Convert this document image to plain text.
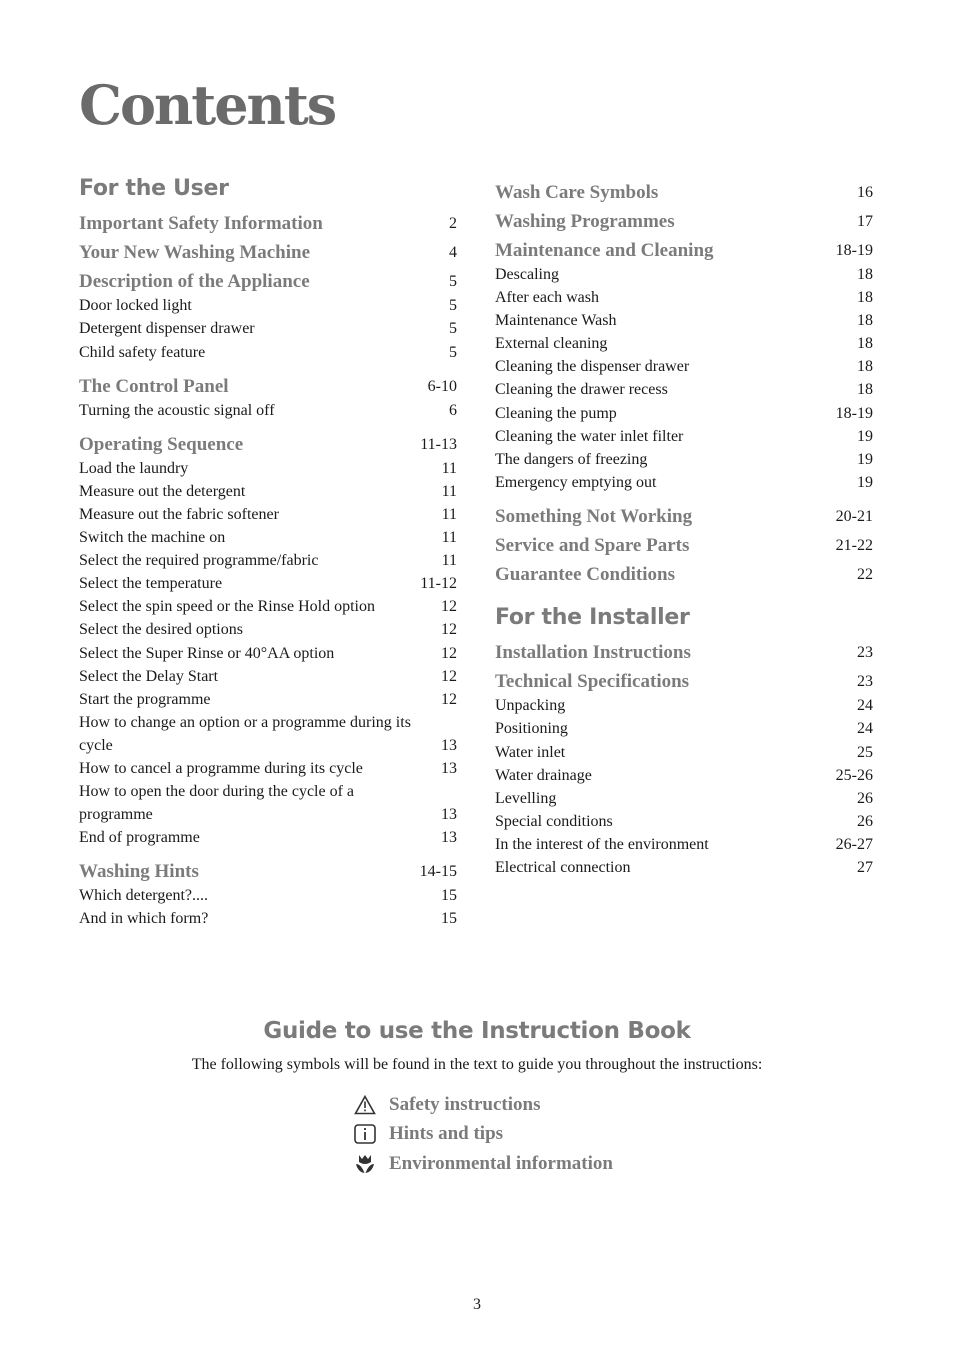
Contents
For the User
Important Safety Information	2
Your New Washing Machine	4
Description of the Appliance	5
Door locked light	5
Detergent dispenser drawer	5
Child safety feature	5
The Control Panel	6-10
Turning the acoustic signal off	6
Operating Sequence	11-13
Load the laundry	11
Measure out the detergent	11
Measure out the fabric softener	11
Switch the machine on	11
Select the required programme/fabric	11
Select the temperature	11-12
Select the spin speed or the Rinse Hold option	12
Select the desired options	12
Select the Super Rinse or 40°AA option	12
Select the Delay Start	12
Start the programme	12
How to change an option or a programme during its cycle	13
How to cancel a programme during its cycle	13
How to open the door during the cycle of a programme	13
End of programme	13
Washing Hints	14-15
Which detergent?....	15
And in which form?	15
Wash Care Symbols	16
Washing Programmes	17
Maintenance and Cleaning	18-19
Descaling	18
After each wash	18
Maintenance Wash	18
External cleaning	18
Cleaning the dispenser drawer	18
Cleaning the drawer recess	18
Cleaning the pump	18-19
Cleaning the water inlet filter	19
The dangers of freezing	19
Emergency emptying out	19
Something Not Working	20-21
Service and Spare Parts	21-22
Guarantee Conditions	22
For the Installer
Installation Instructions	23
Technical Specifications	23
Unpacking	24
Positioning	24
Water inlet	25
Water drainage	25-26
Levelling	26
Special conditions	26
In the interest of the environment	26-27
Electrical connection	27
Guide to use the Instruction Book

The following symbols will be found in the text to guide you throughout the instructions:

Safety instructions
Hints and tips
Environmental information
3
